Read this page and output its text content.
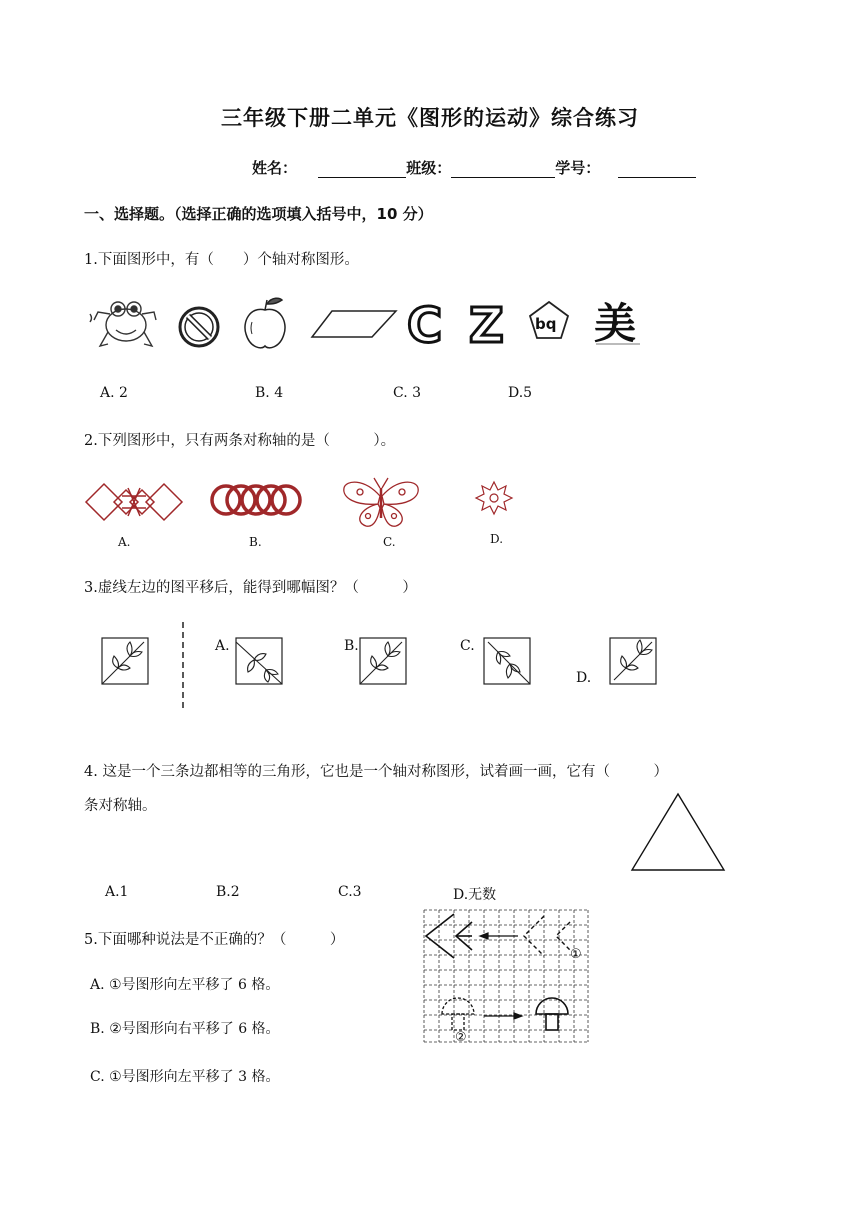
三年级下册二单元《图形的运动》综合练习
姓名：	班级：	学号：
一、选择题。（选择正确的选项填入括号中，10 分）
1.下面图形中，有（　　）个轴对称图形。
C Z bq 美
A. 2	B. 4	C. 3	D.5
2.下列图形中，只有两条对称轴的是（　　　）。
A.	B.	C.	D.
3.虚线左边的图平移后，能得到哪幅图？（　　　）
A.	B.	C.
D.
4. 这是一个三条边都相等的三角形，它也是一个轴对称图形，试着画一画，它有（　　　）
条对称轴。
A.1	B.2	C.3	D.无数
5.下面哪种说法是不正确的？（　　　）
A. ①号图形向左平移了 6 格。
B. ②号图形向右平移了 6 格。
C. ①号图形向左平移了 3 格。
①
②
